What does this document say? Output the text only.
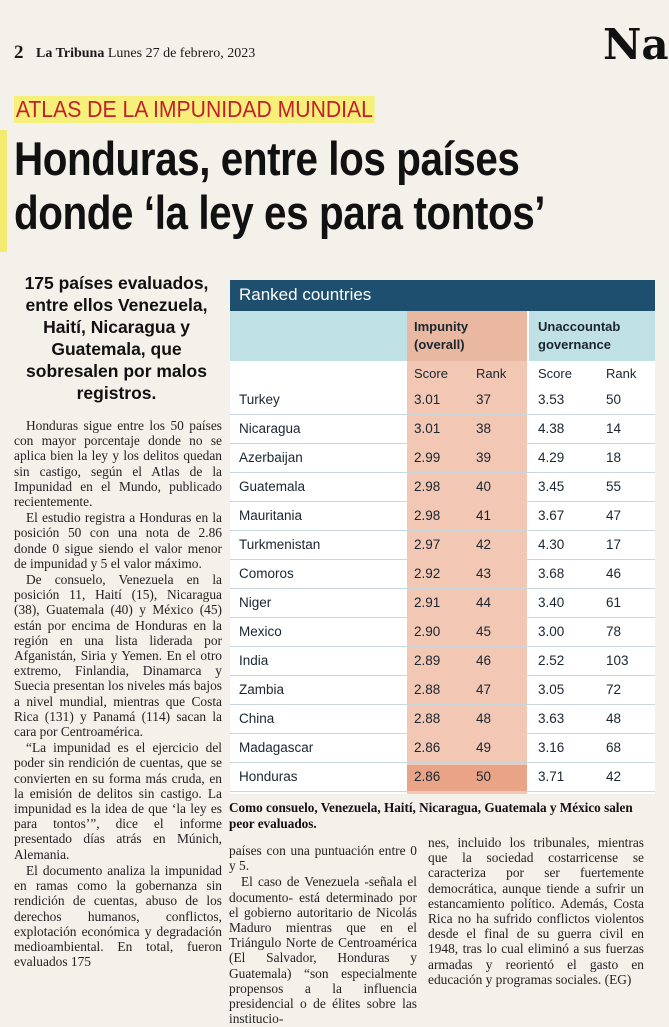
2 La Tribuna Lunes 27 de febrero, 2023	Na
ATLAS DE LA IMPUNIDAD MUNDIAL
Honduras, entre los países
donde ‘la ley es para tontos’
175 países evaluados, entre ellos Venezuela, Haití, Nicaragua y Guatemala, que sobresalen por malos registros.

Honduras sigue entre los 50 países con mayor porcentaje donde no se aplica bien la ley y los delitos quedan sin castigo, según el Atlas de la Impunidad en el Mundo, publicado recientemente.

El estudio registra a Honduras en la posición 50 con una nota de 2.86 donde 0 sigue siendo el valor menor de impunidad y 5 el valor máximo.

De consuelo, Venezuela en la posición 11, Haití (15), Nicaragua (38), Guatemala (40) y México (45) están por encima de Honduras en la región en una lista liderada por Afganistán, Siria y Yemen. En el otro extremo, Finlandia, Dinamarca y Suecia presentan los niveles más bajos a nivel mundial, mientras que Costa Rica (131) y Panamá (114) sacan la cara por Centroamérica.

“La impunidad es el ejercicio del poder sin rendición de cuentas, que se convierten en su forma más cruda, en la emisión de delitos sin castigo. La impunidad es la idea de que ‘la ley es para tontos’”, dice el informe presentado días atrás en Múnich, Alemania.

El documento analiza la impunidad en ramas como la gobernanza sin rendición de cuentas, abuso de los derechos humanos, conflictos, explotación económica y degradación medioambiental. En total, fueron evaluados 175

Ranked countries
Impunity
(overall)
Unaccountab
governance
Score Rank Score	Rank
Turkey	3.01	37	3.53	50
Nicaragua	3.01	38	4.38	14
Azerbaijan	2.99	39	4.29	18
Guatemala	2.98	40	3.45	55
Mauritania	2.98	41	3.67	47
Turkmenistan	2.97	42	4.30	17
Comoros	2.92	43	3.68	46
Niger	2.91	44	3.40	61
Mexico	2.90	45	3.00	78
India	2.89	46	2.52	103
Zambia	2.88	47	3.05	72
China	2.88	48	3.63	48
Madagascar	2.86	49	3.16	68
Honduras	2.86	50	3.71	42
Como consuelo, Venezuela, Haití, Nicaragua, Guatemala y México salen peor evaluados.

países con una puntuación entre 0 y 5.

El caso de Venezuela -señala el documento- está determinado por el gobierno autoritario de Nicolás Maduro mientras que en el Triángulo Norte de Centroamérica (El Salvador, Honduras y Guatemala) “son especialmente propensos a la influencia presidencial o de élites sobre las institucio-

nes, incluido los tribunales, mientras que la sociedad costarricense se caracteriza por ser fuertemente democrática, aunque tiende a sufrir un estancamiento político. Además, Costa Rica no ha sufrido conflictos violentos desde el final de su guerra civil en 1948, tras lo cual eliminó a sus fuerzas armadas y reorientó el gasto en educación y programas sociales. (EG)
